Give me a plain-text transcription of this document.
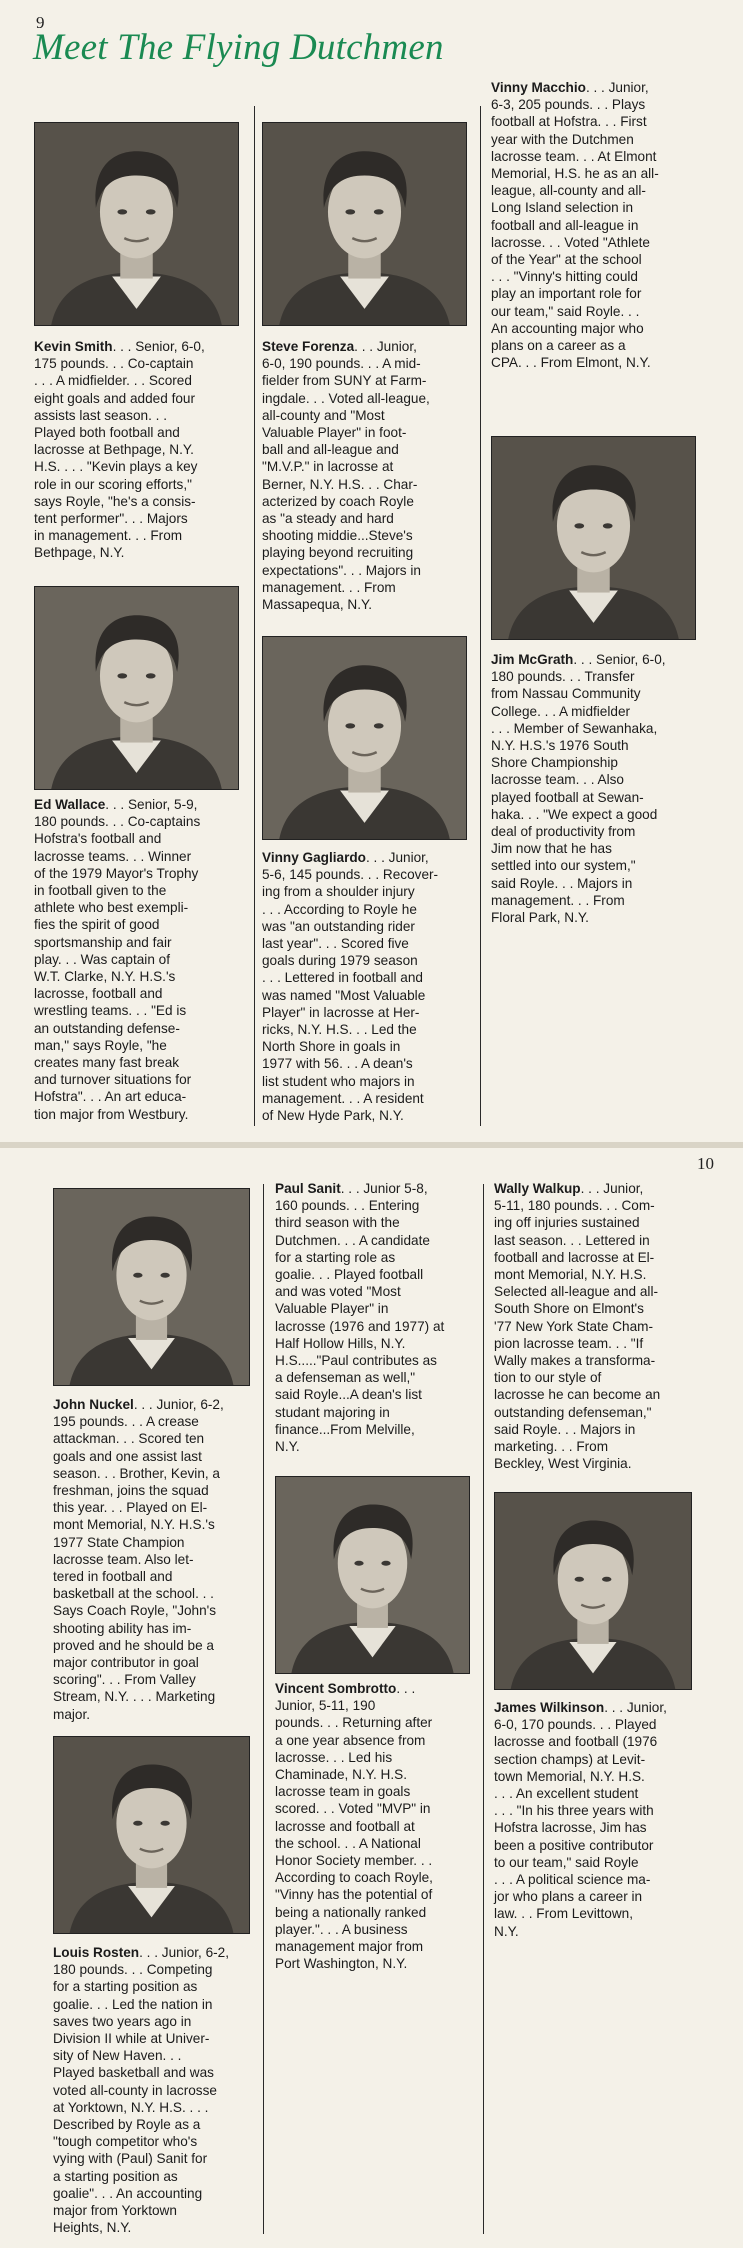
9
Meet The Flying Dutchmen

Kevin Smith. . . Senior, 6-0,
175 pounds. . . Co-captain
. . . A midfielder. . . Scored
eight goals and added four
assists last season. . .
Played both football and
lacrosse at Bethpage, N.Y.
H.S. . . . "Kevin plays a key
role in our scoring efforts,"
says Royle, "he's a consis-
tent performer". . . Majors
in management. . . From
Bethpage, N.Y.

Ed Wallace. . . Senior, 5-9,
180 pounds. . . Co-captains
Hofstra's football and
lacrosse teams. . . Winner
of the 1979 Mayor's Trophy
in football given to the
athlete who best exempli-
fies the spirit of good
sportsmanship and fair
play. . . Was captain of
W.T. Clarke, N.Y. H.S.'s
lacrosse, football and
wrestling teams. . . "Ed is
an outstanding defense-
man," says Royle, "he
creates many fast break
and turnover situations for
Hofstra". . . An art educa-
tion major from Westbury.

Steve Forenza. . . Junior,
6-0, 190 pounds. . . A mid-
fielder from SUNY at Farm-
ingdale. . . Voted all-league,
all-county and "Most
Valuable Player" in foot-
ball and all-league and
"M.V.P." in lacrosse at
Berner, N.Y. H.S. . . Char-
acterized by coach Royle
as "a steady and hard
shooting middie...Steve's
playing beyond recruiting
expectations". . . Majors in
management. . . From
Massapequa, N.Y.

Vinny Gagliardo. . . Junior,
5-6, 145 pounds. . . Recover-
ing from a shoulder injury
. . . According to Royle he
was "an outstanding rider
last year". . . Scored five
goals during 1979 season
. . . Lettered in football and
was named "Most Valuable
Player" in lacrosse at Her-
ricks, N.Y. H.S. . . Led the
North Shore in goals in
1977 with 56. . . A dean's
list student who majors in
management. . . A resident
of New Hyde Park, N.Y.

Vinny Macchio. . . Junior,
6-3, 205 pounds. . . Plays
football at Hofstra. . . First
year with the Dutchmen
lacrosse team. . . At Elmont
Memorial, H.S. he as an all-
league, all-county and all-
Long Island selection in
football and all-league in
lacrosse. . . Voted "Athlete
of the Year" at the school
. . . "Vinny's hitting could
play an important role for
our team," said Royle. . .
An accounting major who
plans on a career as a
CPA. . . From Elmont, N.Y.

Jim McGrath. . . Senior, 6-0,
180 pounds. . . Transfer
from Nassau Community
College. . . A midfielder
. . . Member of Sewanhaka,
N.Y. H.S.'s 1976 South
Shore Championship
lacrosse team. . . Also
played football at Sewan-
haka. . . "We expect a good
deal of productivity from
Jim now that he has
settled into our system,"
said Royle. . . Majors in
management. . . From
Floral Park, N.Y.

10

John Nuckel. . . Junior, 6-2,
195 pounds. . . A crease
attackman. . . Scored ten
goals and one assist last
season. . . Brother, Kevin, a
freshman, joins the squad
this year. . . Played on El-
mont Memorial, N.Y. H.S.'s
1977 State Champion
lacrosse team. Also let-
tered in football and
basketball at the school. . .
Says Coach Royle, "John's
shooting ability has im-
proved and he should be a
major contributor in goal
scoring". . . From Valley
Stream, N.Y. . . . Marketing
major.

Louis Rosten. . . Junior, 6-2,
180 pounds. . . Competing
for a starting position as
goalie. . . Led the nation in
saves two years ago in
Division II while at Univer-
sity of New Haven. . .
Played basketball and was
voted all-county in lacrosse
at Yorktown, N.Y. H.S. . . .
Described by Royle as a
"tough competitor who's
vying with (Paul) Sanit for
a starting position as
goalie". . . An accounting
major from Yorktown
Heights, N.Y.

Paul Sanit. . . Junior 5-8,
160 pounds. . . Entering
third season with the
Dutchmen. . . A candidate
for a starting role as
goalie. . . Played football
and was voted "Most
Valuable Player" in
lacrosse (1976 and 1977) at
Half Hollow Hills, N.Y.
H.S....."Paul contributes as
a defenseman as well,"
said Royle...A dean's list
studant majoring in
finance...From Melville,
N.Y.

Vincent Sombrotto. . .
Junior, 5-11, 190
pounds. . . Returning after
a one year absence from
lacrosse. . . Led his
Chaminade, N.Y. H.S.
lacrosse team in goals
scored. . . Voted "MVP" in
lacrosse and football at
the school. . . A National
Honor Society member. . .
According to coach Royle,
"Vinny has the potential of
being a nationally ranked
player.". . . A business
management major from
Port Washington, N.Y.

Wally Walkup. . . Junior,
5-11, 180 pounds. . . Com-
ing off injuries sustained
last season. . . Lettered in
football and lacrosse at El-
mont Memorial, N.Y. H.S.
Selected all-league and all-
South Shore on Elmont's
'77 New York State Cham-
pion lacrosse team. . . "If
Wally makes a transforma-
tion to our style of
lacrosse he can become an
outstanding defenseman,"
said Royle. . . Majors in
marketing. . . From
Beckley, West Virginia.

James Wilkinson. . . Junior,
6-0, 170 pounds. . . Played
lacrosse and football (1976
section champs) at Levit-
town Memorial, N.Y. H.S.
. . . An excellent student
. . . "In his three years with
Hofstra lacrosse, Jim has
been a positive contributor
to our team," said Royle
. . . A political science ma-
jor who plans a career in
law. . . From Levittown,
N.Y.
